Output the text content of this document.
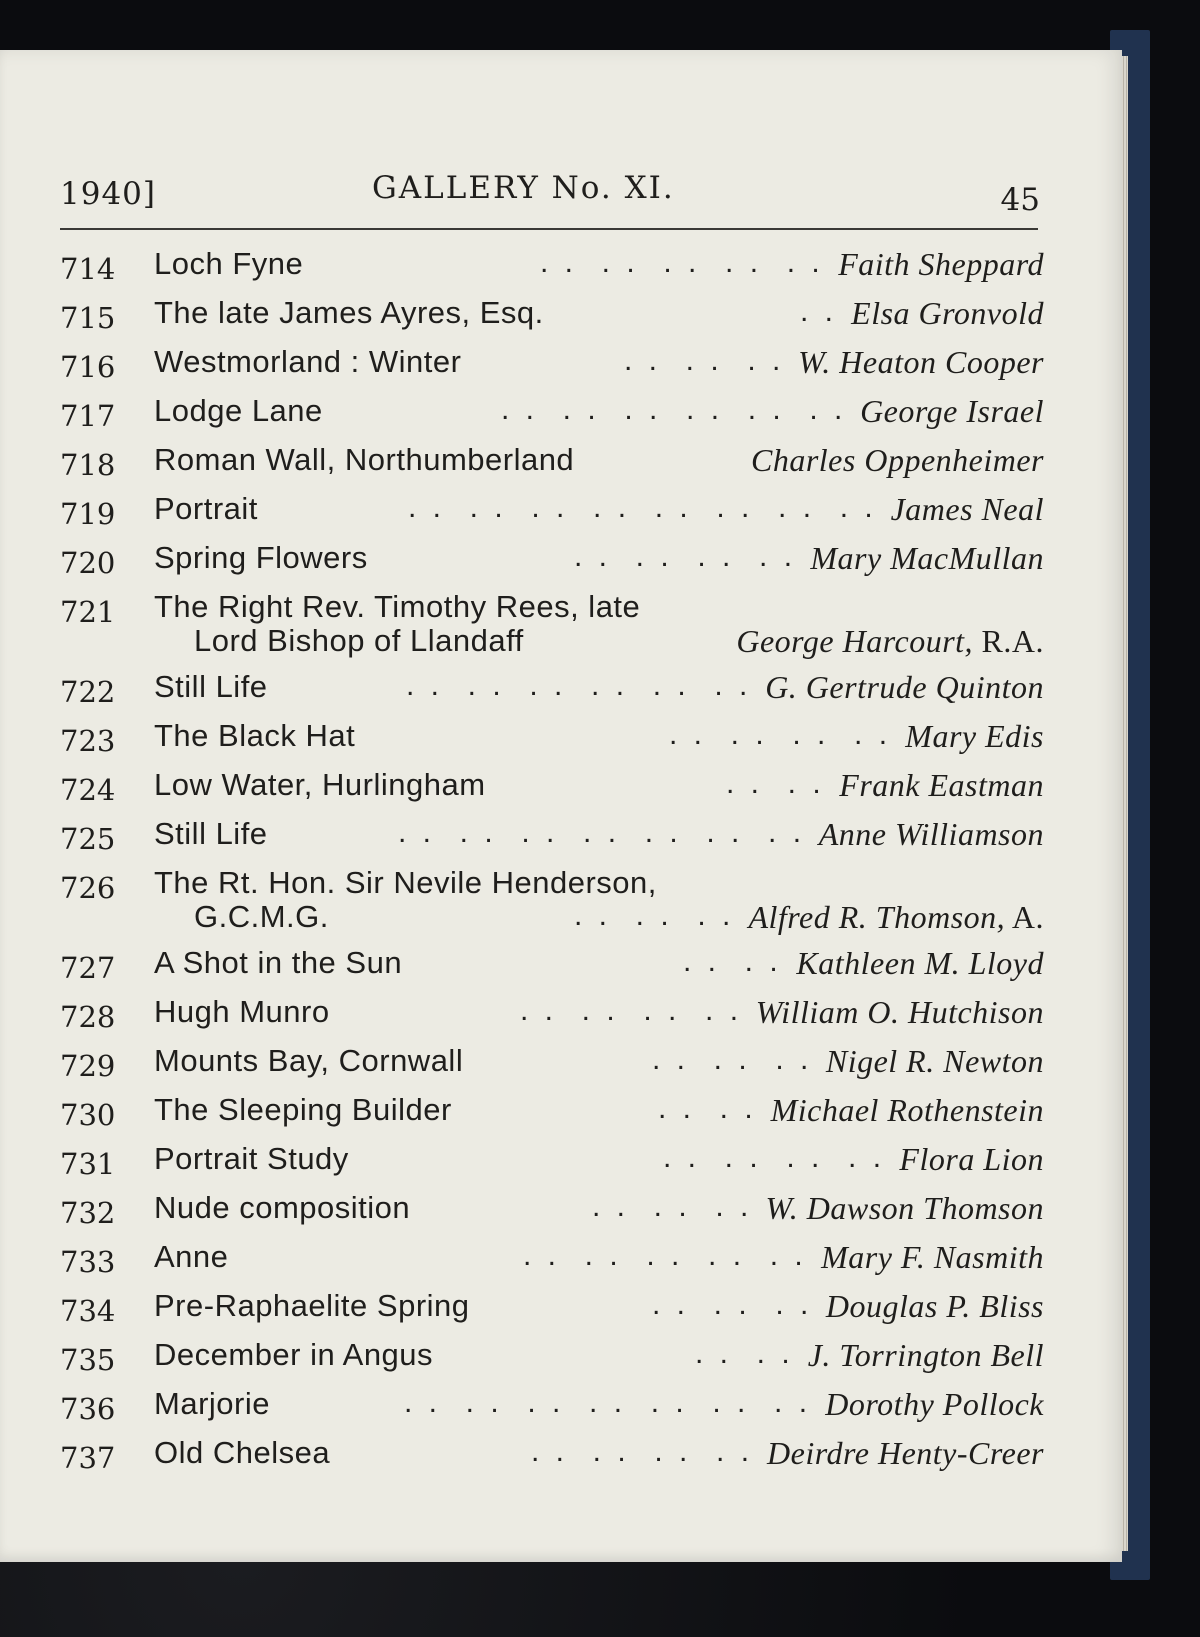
1940]	GALLERY No. XI.	45
714	Loch Fyne	. .  . .  . .  . .  . . Faith Sheppard
715	The late James Ayres, Esq.	. . Elsa Gronvold
716	Westmorland : Winter	. .  . .  . . W. Heaton Cooper
717	Lodge Lane	. .  . .  . .  . .  . .  . . George Israel
718	Roman Wall, Northumberland	Charles Oppenheimer
719	Portrait	. .  . .  . .  . .  . .  . .  . .  . . James Neal
720	Spring Flowers	. .  . .  . .  . . Mary MacMullan
721	The Right Rev. Timothy Rees, late
Lord Bishop of Llandaff	George Harcourt, R.A.
722	Still Life	. .  . .  . .  . .  . .  . . G. Gertrude Quinton
723	The Black Hat	. .  . .  . .  . . Mary Edis
724	Low Water, Hurlingham	. .  . . Frank Eastman
725	Still Life	. .  . .  . .  . .  . .  . .  . . Anne Williamson
726	The Rt. Hon. Sir Nevile Henderson,
G.C.M.G.	. .  . .  . . Alfred R. Thomson, A.
727	A Shot in the Sun	. .  . . Kathleen M. Lloyd
728	Hugh Munro	. .  . .  . .  . . William O. Hutchison
729	Mounts Bay, Cornwall	. .  . .  . . Nigel R. Newton
730	The Sleeping Builder	. .  . . Michael Rothenstein
731	Portrait Study	. .  . .  . .  . . Flora Lion
732	Nude composition	. .  . .  . . W. Dawson Thomson
733	Anne	. .  . .  . .  . .  . . Mary F. Nasmith
734	Pre-Raphaelite Spring	. .  . .  . . Douglas P. Bliss
735	December in Angus	. .  . . J. Torrington Bell
736	Marjorie	. .  . .  . .  . .  . .  . .  . . Dorothy Pollock
737	Old Chelsea	. .  . .  . .  . . Deirdre Henty-Creer
